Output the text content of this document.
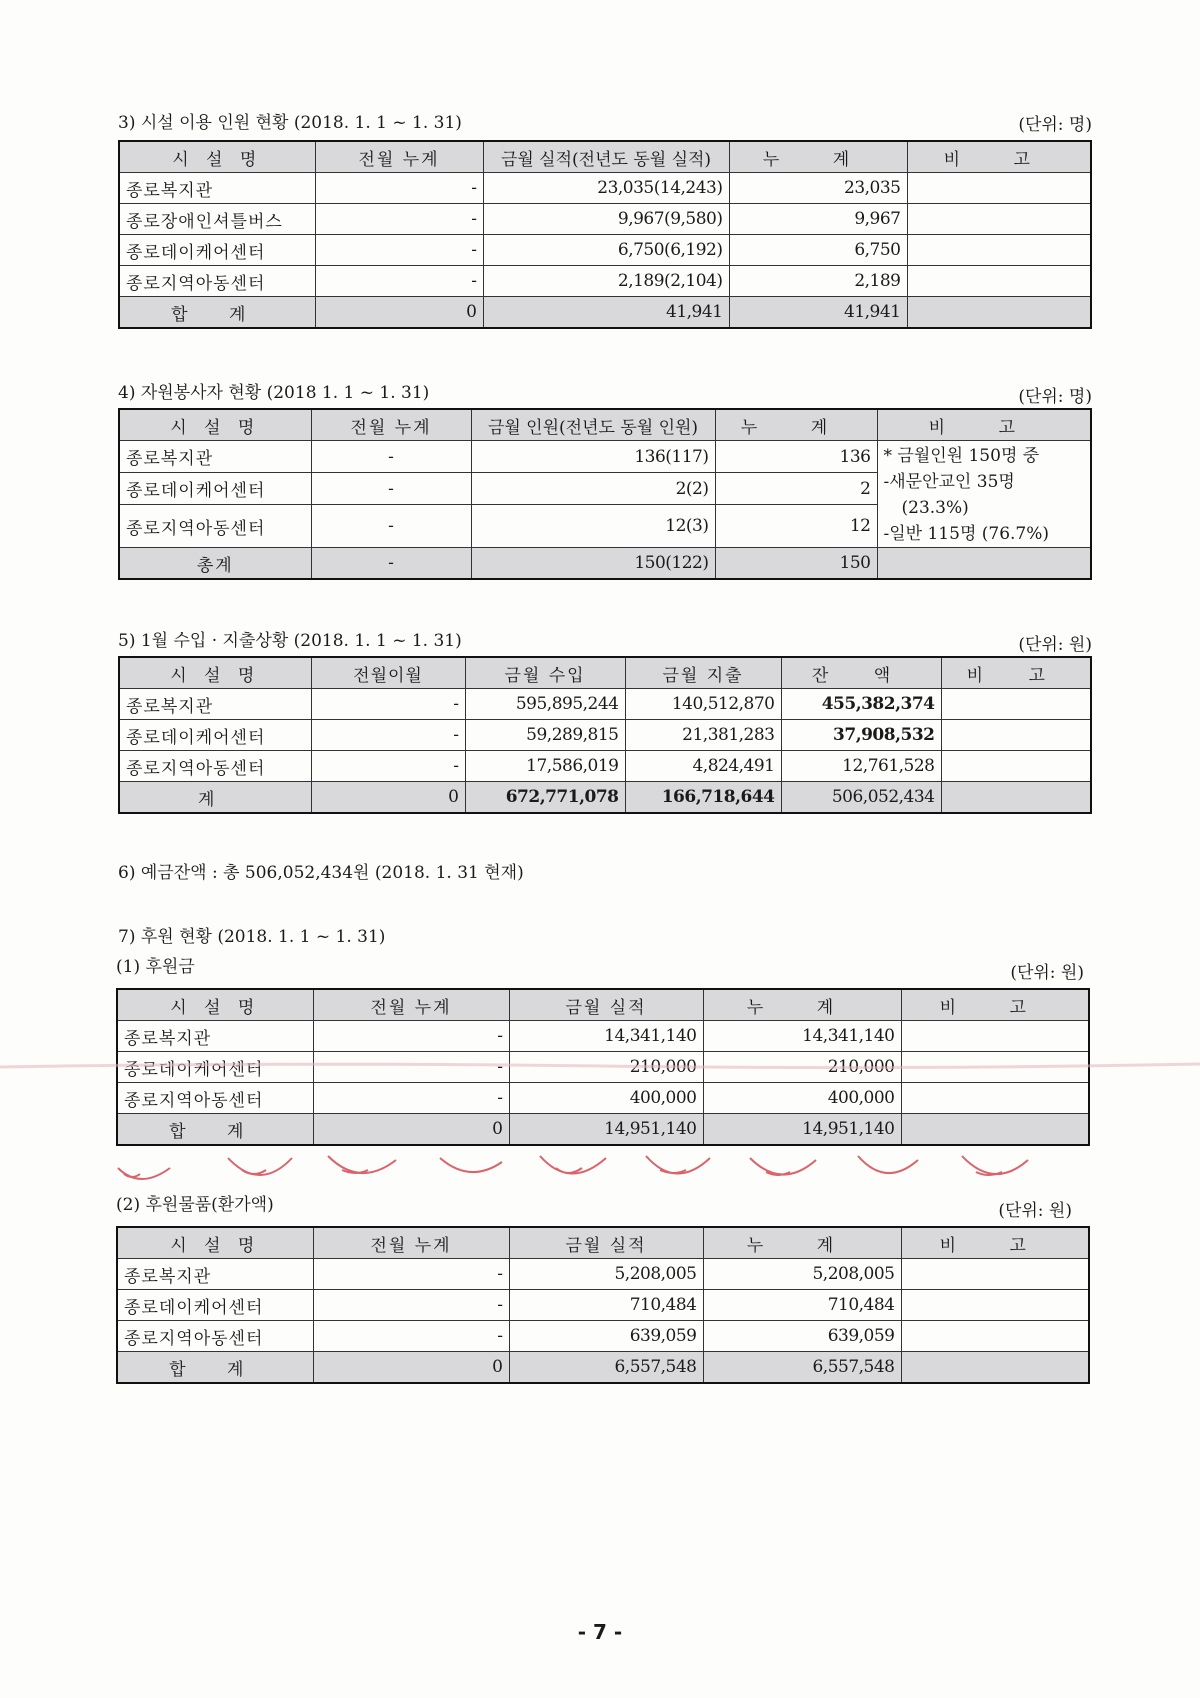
3) 시설 이용 인원 현황 (2018. 1. 1 ~ 1. 31)	(단위: 명)
시 설 명	전월 누계	금월 실적(전년도 동월 실적)	누 계	비 고
종로복지관	-	23,035(14,243)	23,035	
종로장애인셔틀버스	-	9,967(9,580)	9,967	
종로데이케어센터	-	6,750(6,192)	6,750	
종로지역아동센터	-	2,189(2,104)	2,189	
합 계	0	41,941	41,941	
4) 자원봉사자 현황 (2018 1. 1 ~ 1. 31)	(단위: 명)
시 설 명	전월 누계	금월 인원(전년도 동월 인원)	누 계	비 고
종로복지관	-	136(117)	136	* 금월인원 150명 중
-새문안교인 35명
(23.3%)
-일반 115명 (76.7%)

종로데이케어센터	-	2(2)	2	
종로지역아동센터	-	12(3)	12	
총계	-	150(122)	150	
5) 1월 수입 · 지출상황 (2018. 1. 1 ~ 1. 31)	(단위: 원)
시 설 명	전월이월	금월 수입	금월 지출	잔 액	비 고
종로복지관	-	595,895,244	140,512,870	455,382,374	
종로데이케어센터	-	59,289,815	21,381,283	37,908,532	
종로지역아동센터	-	17,586,019	4,824,491	12,761,528	
계	0	672,771,078	166,718,644	506,052,434	
6) 예금잔액 : 총 506,052,434원 (2018. 1. 31 현재)
7) 후원 현황 (2018. 1. 1 ~ 1. 31)
(1) 후원금	(단위: 원)
시 설 명	전월 누계	금월 실적	누 계	비 고
종로복지관	-	14,341,140	14,341,140	
종로데이케어센터	-	210,000	210,000	
종로지역아동센터	-	400,000	400,000	
합 계	0	14,951,140	14,951,140	
(2) 후원물품(환가액)	(단위: 원)
시 설 명	전월 누계	금월 실적	누 계	비 고
종로복지관	-	5,208,005	5,208,005	
종로데이케어센터	-	710,484	710,484	
종로지역아동센터	-	639,059	639,059	
합 계	0	6,557,548	6,557,548	
- 7 -
